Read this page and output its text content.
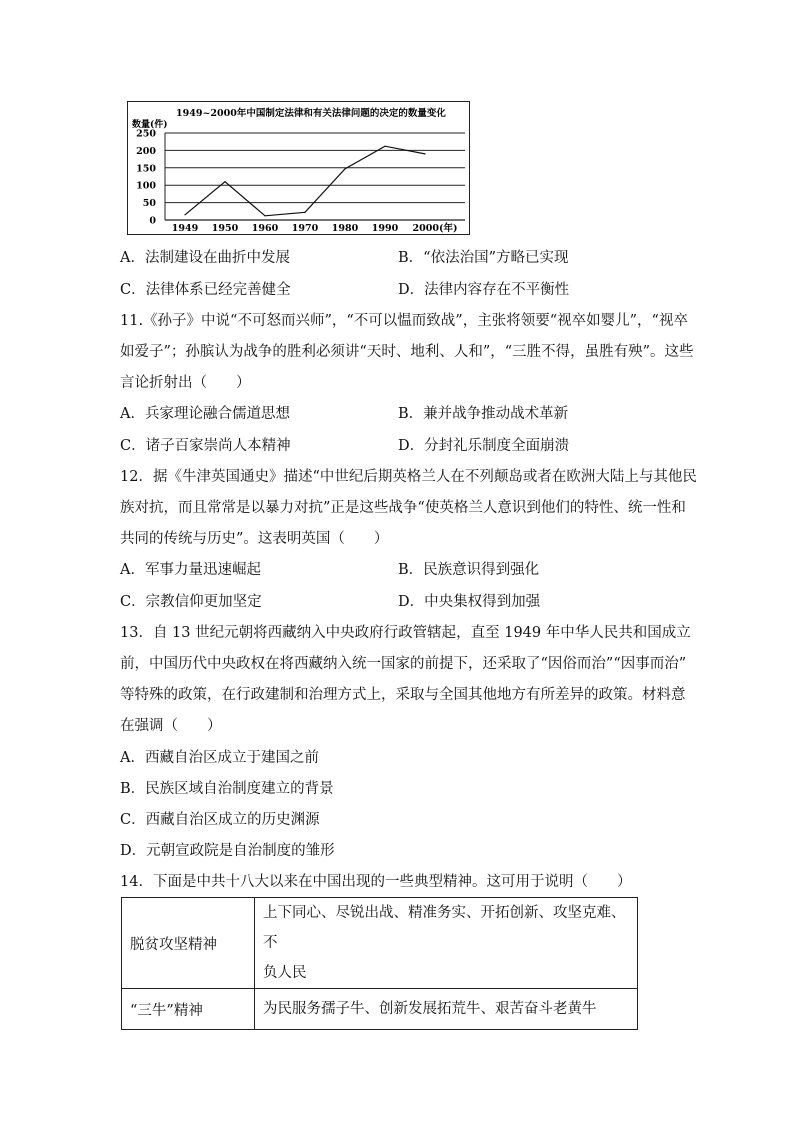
1949~2000年中国制定法律和有关法律问题的决定的数量变化
数量(件)
250
200
150
100
50
0
1949 1950 1960 1970 1980 1990 2000(年)
A．法制建设在曲折中发展	B．“依法治国”方略已实现
C．法律体系已经完善健全	D．法律内容存在不平衡性
11.《孙子》中说“不可怒而兴师”，“不可以愠而致战”，主张将领要“视卒如婴儿”，“视卒
如爱子”；孙膑认为战争的胜利必须讲“天时、地利、人和”，“三胜不得，虽胜有殃”。这些
言论折射出（　　）
A．兵家理论融合儒道思想	B．兼并战争推动战术革新
C．诸子百家崇尚人本精神	D．分封礼乐制度全面崩溃
12．据《牛津英国通史》描述“中世纪后期英格兰人在不列颠岛或者在欧洲大陆上与其他民
族对抗，而且常常是以暴力对抗”正是这些战争“使英格兰人意识到他们的特性、统一性和
共同的传统与历史”。这表明英国（　　）
A．军事力量迅速崛起	B．民族意识得到强化
C．宗教信仰更加坚定	D．中央集权得到加强
13．自 13 世纪元朝将西藏纳入中央政府行政管辖起，直至 1949 年中华人民共和国成立
前，中国历代中央政权在将西藏纳入统一国家的前提下，还采取了“因俗而治”“因事而治”
等特殊的政策，在行政建制和治理方式上，采取与全国其他地方有所差异的政策。材料意
在强调（　　）
A．西藏自治区成立于建国之前
B．民族区域自治制度建立的背景
C．西藏自治区成立的历史渊源
D．元朝宣政院是自治制度的雏形
14．下面是中共十八大以来在中国出现的一些典型精神。这可用于说明（　　）
脱贫攻坚精神	上下同心、尽锐出战、精准务实、开拓创新、攻坚克难、不
负人民

“三牛”精神	为民服务孺子牛、创新发展拓荒牛、艰苦奋斗老黄牛
